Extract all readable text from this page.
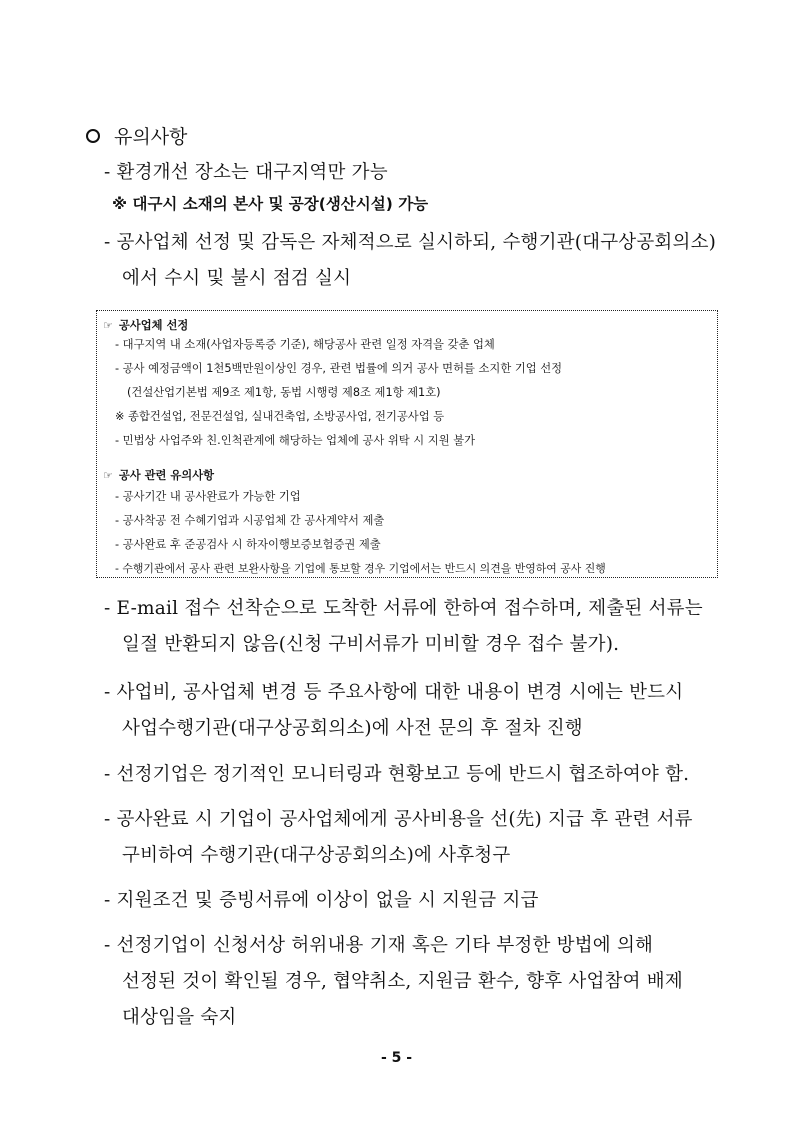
유의사항
- 환경개선 장소는 대구지역만 가능
※ 대구시 소재의 본사 및 공장(생산시설) 가능
- 공사업체 선정 및 감독은 자체적으로 실시하되, 수행기관(대구상공회의소)
에서 수시 및 불시 점검 실시
☞ 공사업체 선정
- 대구지역 내 소재(사업자등록증 기준), 해당공사 관련 일정 자격을 갖춘 업체
- 공사 예정금액이 1천5백만원이상인 경우, 관련 법률에 의거 공사 면허를 소지한 기업 선정
(건설산업기본법 제9조 제1항, 동법 시행령 제8조 제1항 제1호)
※ 종합건설업, 전문건설업, 실내건축업, 소방공사업, 전기공사업 등
- 민법상 사업주와 친.인척관계에 해당하는 업체에 공사 위탁 시 지원 불가
☞ 공사 관련 유의사항
- 공사기간 내 공사완료가 가능한 기업
- 공사착공 전 수혜기업과 시공업체 간 공사계약서 제출
- 공사완료 후 준공검사 시 하자이행보증보험증권 제출
- 수행기관에서 공사 관련 보완사항을 기업에 통보할 경우 기업에서는 반드시 의견을 반영하여 공사 진행
- E-mail 접수 선착순으로 도착한 서류에 한하여 접수하며, 제출된 서류는
일절 반환되지 않음(신청 구비서류가 미비할 경우 접수 불가).
- 사업비, 공사업체 변경 등 주요사항에 대한 내용이 변경 시에는 반드시
사업수행기관(대구상공회의소)에 사전 문의 후 절차 진행
- 선정기업은 정기적인 모니터링과 현황보고 등에 반드시 협조하여야 함.
- 공사완료 시 기업이 공사업체에게 공사비용을 선(先) 지급 후 관련 서류
구비하여 수행기관(대구상공회의소)에 사후청구
- 지원조건 및 증빙서류에 이상이 없을 시 지원금 지급
- 선정기업이 신청서상 허위내용 기재 혹은 기타 부정한 방법에 의해
선정된 것이 확인될 경우, 협약취소, 지원금 환수, 향후 사업참여 배제
대상임을 숙지
- 5 -
